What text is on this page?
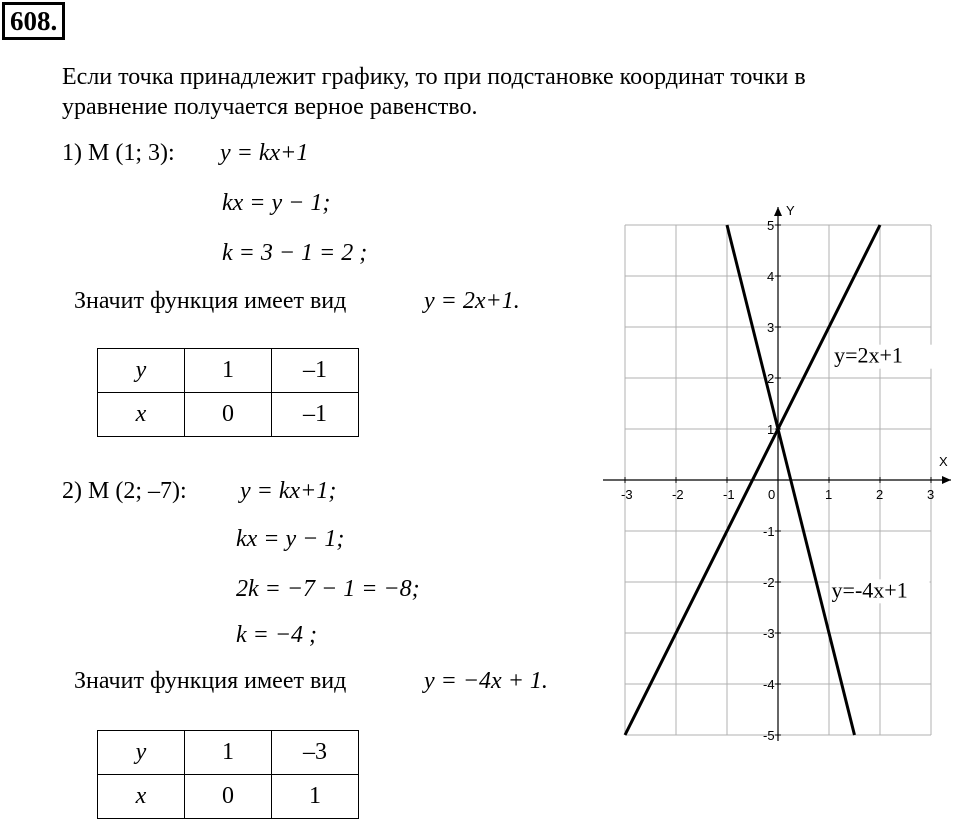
608.
Если точка принадлежит графику, то при подстановке координат точки в
уравнение получается верное равенство.
1) M (1; 3): y = kx+1
kx = y − 1;
k = 3 − 1 = 2 ;
Значит функция имеет вид	y = 2x+1.
y	1	–1
x	0	–1
2) M (2; –7): y = kx+1;
kx = y − 1;
2k = −7 − 1 = −8;
k = −4 ;
Значит функция имеет вид	y = −4x + 1.
y	1	–3
x	0	1
X
Y
-3	-2	-1	0	1	2	3
5
4
3
2
1
-1
-2
-3
-4
-5
y=2x+1
y=-4x+1
